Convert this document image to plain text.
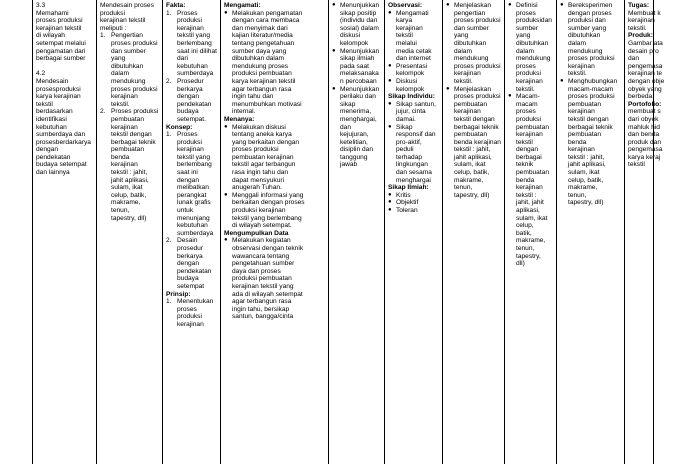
3.3
Memahami
proses produksi
kerajinan tekstil
di wilayah
setempat melalui
pengamatan dari
berbagai sumber

4.2
Mendesain
prosesproduksi
karya kerajinan
tekstil
berdasarkan
identifikasi
kebutuhan
sumberdaya dan
prosesberdarkarya
dengan
pendekatan
budaya setempat
dan lainnya
Mendesain proses
produksi
kerajinan tekstil
meliputi :
1. Pengertian
proses produksi
dan sumber
yang
dibutuhkan
dalam
mendukung
proses produksi
kerajinan
tekstil.
2. Proses produksi
pembuatan
kerajinan
tekstil dengan
berbagai teknik
pembuatan
benda
kerajinan
tekstil : jahit,
jahit aplikasi,
sulam, ikat
celup, batik,
makrame,
tenun,
tapestry, dll)
Fakta:
1. Proses
produksi
kerajinan
tekstil yang
berlembang
saat ini dilihat
dari
kebutuhan
sumberdaya
2. Prosedur
berkarya
dengan
pendekatan
budaya
setempat.
Konsep:
1. Proses
produksi
kerajinan
tekstil yang
berlembang
saat ini
dengan
melibatkan
perangkat
lunak grafis
untuk
menunjang
kebutuhan
sumberdaya
2. Desain
prosedur
berkarya
dengan
pendekatan
budaya
setempat
Prinsip:
1. Menentukan
proses
produksi
kerajinan
Mengamati:
● Melakukan pengamatan
dengan cara membaca
dan menyimak dari
kajian literatur/media
tentang pengetahuan
sumber daya yang
dibutuhkan dalam
mendukung proses
produksi pembuatan
karya kerajinan tekstil
agar terbangun rasa
ingin tahu dan
menumbuhkan motivasi
internal.
Menanya:
● Melakukan diskusi
tentang aneka karya
yang berkaitan dengan
proses produksi
pembuatan kerajinan
tekstil agar terbangun
rasa ingin tahu dan
dapat mensyukuri
anugerah Tuhan.
● Menggali informasi yang
berkaitan dengan proses
produksi kerajinan
tekstil yang berlembang
di wilayah setempat.
Mengumpulkan Data
● Melakukan kegiatan
observasi dengan teknik
wawancara tentang
pengetahuan sumber
daya dan proses
produksi pembuatan
kerajinan tekstil yang
ada di wilayah setempat
agar terbangun rasa
ingin tahu, bersikap
santun, bangga/cinta
● Menunjukkan
sikap positip
(individu dan
sosial) dalam
diskusi
kelompok
● Menunjukkan
sikap ilmiah
pada saat
melaksanaka
n percobaan
● Menunjukkan
perilaku dan
sikap
menerima,
menghargai,
dan
kejujuran,
ketelitian,
disiplin dan
tanggung
jawab
Observasi:
● Mengamati
karya
kerajinan
tekstil
melalui
media cetak
dan internet
● Presentasi
kelompok
● Diskusi
kelompok
Sikap Individu:
● Sikap santun,
jujur, cinta
damai.
● Sikap
responsif dan
pro-aktif,
peduli
terhadap
lingkungan
dan sesama
menghargai
Sikap Ilmiah:
● Kritis
● Objektif
● Toleran
● Menjelaskan
pengertian
proses produksi
dan sumber
yang
dibutuhkan
dalam
mendukung
proses produksi
kerajinan
tekstil.
● Menjelaskan
proses produksi
pembuatan
kerajinan
tekstil dengan
berbagai teknik
pembuatan
benda kerajinan
tekstil : jahit,
jahit aplikasi,
sulam, ikat
celup, batik,
makrame,
tenun,
tapestry, dll)
● Definisi
proses
produksidan
sumber yang
dibutuhkan
dalam
mendukung
proses
produksi
kerajinan
tekstil.
● Macam-
macam
proses
produksi
pembuatan
kerajinan
tekstil
dengan
berbagai
teknik
pembuatan
benda
kerajinan
tekstil :
jahit, jahit
aplikasi,
sulam, ikat
celup,
batik,
makrame,
tenun,
tapestry,
dll)
● Bereksperimen
dengan proses
produksi dan
sumber yang
dibutuhkan
dalam
mendukung
proses produksi
kerajinan
tekstil.
● Menghubungkan
macam-macam
proses produksi
pembuatan
kerajinan
tekstil dengan
berbagai teknik
pembuatan
benda
kerajinan
tekstil : jahit,
jahit aplikasi,
sulam, ikat
celup, batik,
makrame,
tenun,
tapestry, dll)
Tugas:
Membuat k
kerajinan
tekstil.
Produk:
Gambar ata
desain pro
dan
pengemasa
kerajinan te
dengan obje
obyek yang
berbeda.
Portofolio:
membuat s
dari obyek
mahluk hid
dan benda
produk dan
pengemasa
karya keraj
tekstil
